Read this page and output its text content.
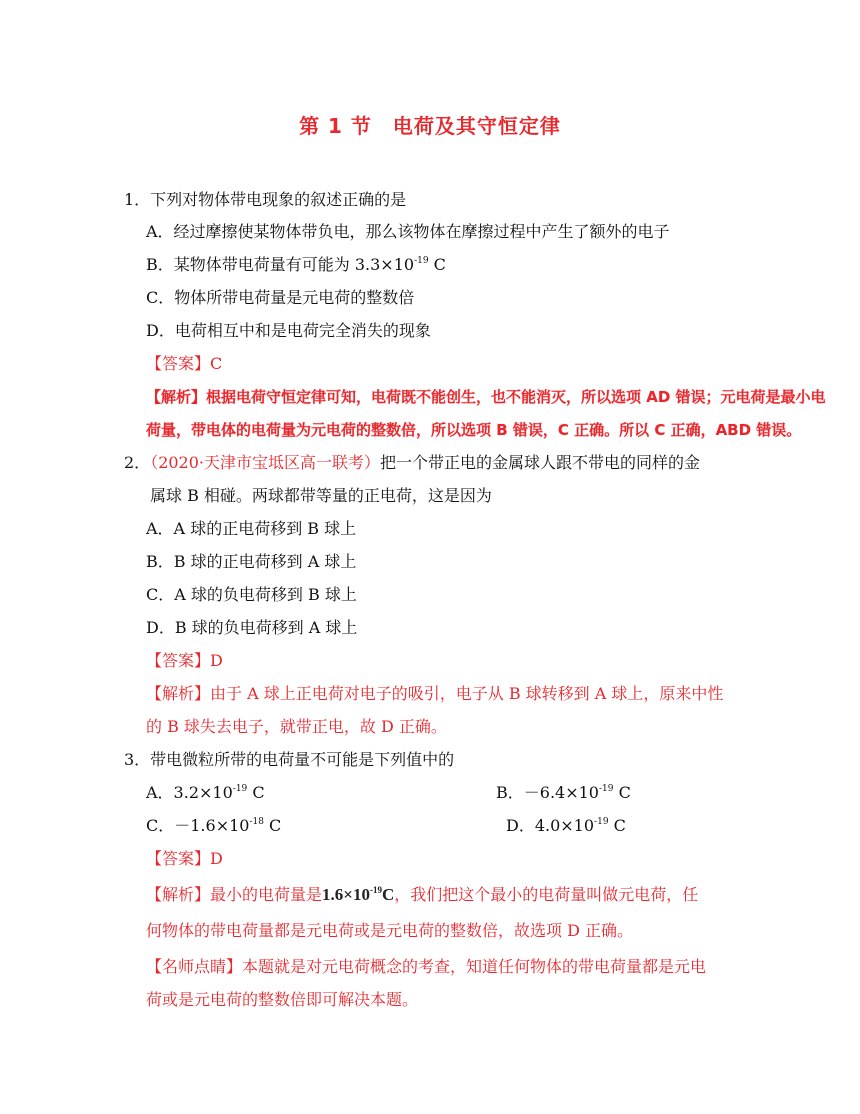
第 1 节　电荷及其守恒定律
1．下列对物体带电现象的叙述正确的是
A．经过摩擦使某物体带负电，那么该物体在摩擦过程中产生了额外的电子
B．某物体带电荷量有可能为 $3.3\times 10^{-19}$ C
C．物体所带电荷量是元电荷的整数倍
D．电荷相互中和是电荷完全消失的现象
【答案】C
【解析】根据电荷守恒定律可知，电荷既不能创生，也不能消灭，所以选项 AD 错误；元电荷是最小电
荷量，带电体的电荷量为元电荷的整数倍，所以选项 B 错误，C 正确。所以 C 正确，ABD 错误。
2．（2020·天津市宝坻区高一联考）把一个带正电的金属球人跟不带电的同样的金
属球 B 相碰。两球都带等量的正电荷，这是因为
A．A 球的正电荷移到 B 球上
B．B 球的正电荷移到 A 球上
C．A 球的负电荷移到 B 球上
D．B 球的负电荷移到 A 球上
【答案】D
【解析】由于 A 球上正电荷对电子的吸引，电子从 B 球转移到 A 球上，原来中性
的 B 球失去电子，就带正电，故 D 正确。
3．带电微粒所带的电荷量不可能是下列值中的
A．$3.2\times 10^{-19}$ C	B．$-6.4\times 10^{-19}$ C
C．$-1.6\times 10^{-18}$ C	D．$4.0\times 10^{-19}$ C
【答案】D
【解析】最小的电荷量是$1.6\times 10^{-19}C$，我们把这个最小的电荷量叫做元电荷，任
何物体的带电荷量都是元电荷或是元电荷的整数倍，故选项 D 正确。
【名师点睛】本题就是对元电荷概念的考查，知道任何物体的带电荷量都是元电
荷或是元电荷的整数倍即可解决本题。
